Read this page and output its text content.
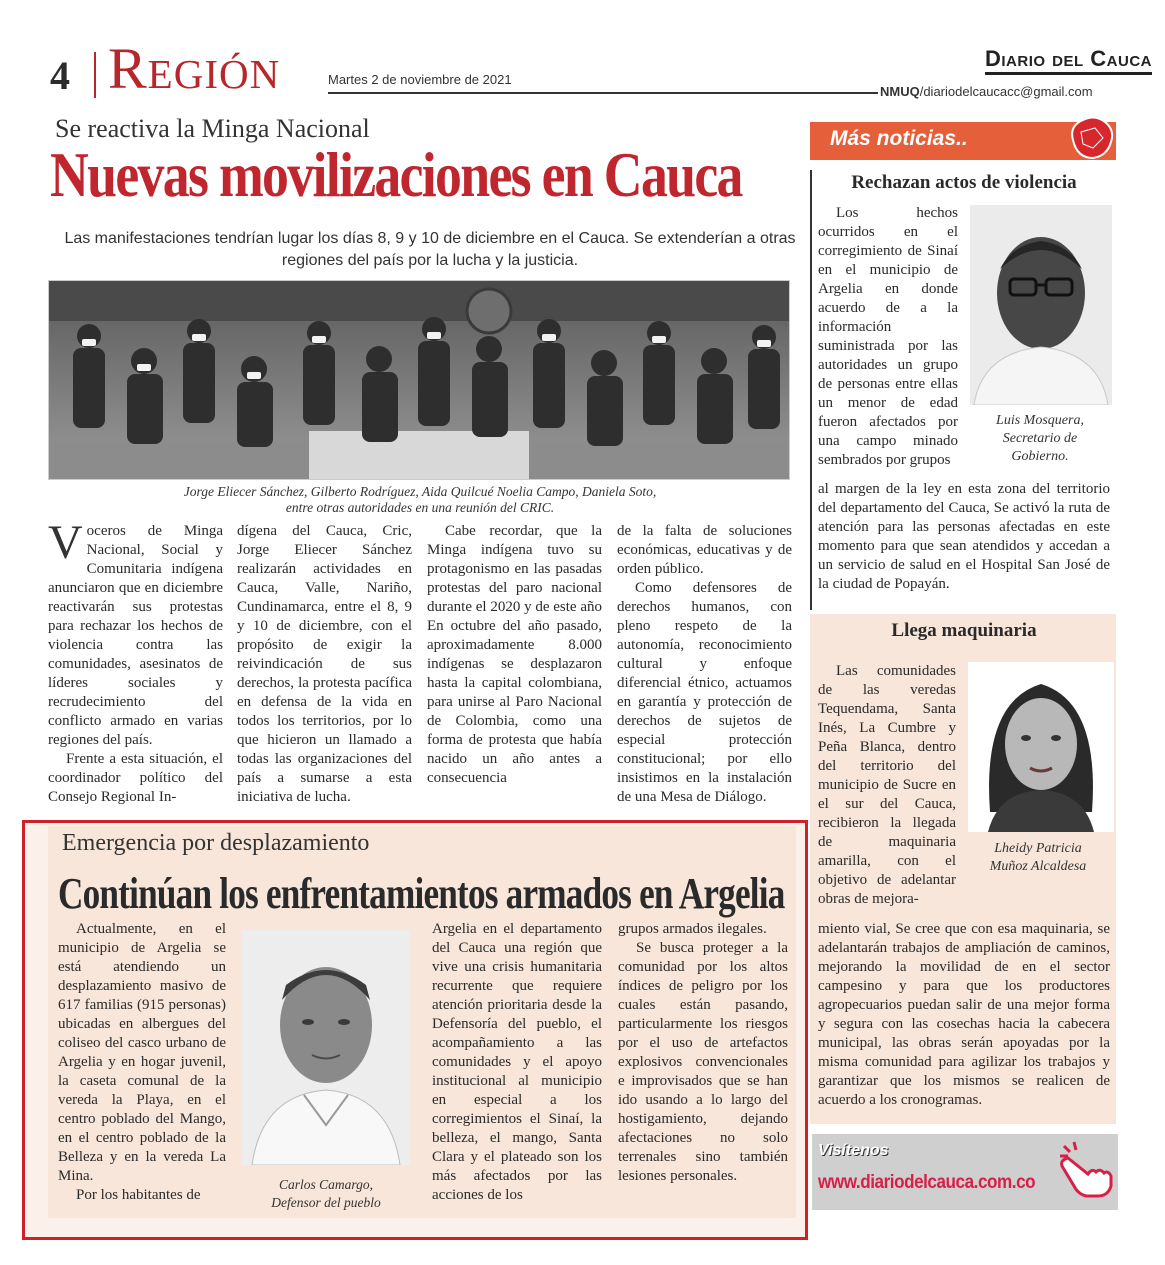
4 Región	Martes 2 de noviembre de 2021
Diario del Cauca
NMUQ/diariodelcaucacc@gmail.com
Se reactiva la Minga Nacional
Nuevas movilizaciones en Cauca
Las manifestaciones tendrían lugar los días 8, 9 y 10 de diciembre en el Cauca. Se extenderían a otras regiones del país por la lucha y la justicia.
Jorge Eliecer Sánchez, Gilberto Rodríguez, Aida Quilcué Noelia Campo, Daniela Soto,
entre otras autoridades en una reunión del CRIC.

Voceros de Minga Nacional, Social y Comunitaria indígena anunciaron que en diciembre reactivarán sus protestas para rechazar los hechos de violencia contra las comunidades, asesinatos de líderes sociales y recrudecimiento del conflicto armado en varias regiones del país.

Frente a esta situación, el coordinador político del Consejo Regional In-

dígena del Cauca, Cric, Jorge Eliecer Sánchez realizarán actividades en Cauca, Valle, Nariño, Cundinamarca, entre el 8, 9 y 10 de diciembre, con el propósito de exigir la reivindicación de sus derechos, la protesta pacífica en defensa de la vida en todos los territorios, por lo que hicieron un llamado a todas las organizaciones del país a sumarse a esta iniciativa de lucha.

Cabe recordar, que la Minga indígena tuvo su protagonismo en las pasadas protestas del paro nacional durante el 2020 y de este año En octubre del año pasado, aproximadamente 8.000 indígenas se desplazaron hasta la capital colombiana, para unirse al Paro Nacional de Colombia, como una forma de protesta que había nacido un año antes a consecuencia

de la falta de soluciones económicas, educativas y de orden público.

Como defensores de derechos humanos, con pleno respeto de la autonomía, reconocimiento cultural y enfoque diferencial étnico, actuamos en garantía y protección de derechos de sujetos de especial protección constitucional; por ello insistimos en la instalación de una Mesa de Diálogo.

Emergencia por desplazamiento
Continúan los enfrentamientos armados en Argelia

Actualmente, en el municipio de Argelia se está atendiendo un desplazamiento masivo de 617 familias (915 personas) ubicadas en albergues del coliseo del casco urbano de Argelia y en hogar juvenil, la caseta comunal de la vereda la Playa, en el centro poblado del Mango, en el centro poblado de la Belleza y en la vereda La Mina.

Por los habitantes de

Carlos Camargo,
Defensor del pueblo

Argelia en el departamento del Cauca una región que vive una crisis humanitaria recurrente que requiere atención prioritaria desde la Defensoría del pueblo, el acompañamiento a las comunidades y el apoyo institucional al municipio en especial a los corregimientos el Sinaí, la belleza, el mango, Santa Clara y el plateado son los más afectados por las acciones de los

grupos armados ilegales.

Se busca proteger a la comunidad por los altos índices de peligro por los cuales están pasando, particularmente los riesgos por el uso de artefactos explosivos convencionales e improvisados que se han ido usando a lo largo del hostigamiento, dejando afectaciones no solo terrenales sino también lesiones personales.

Más noticias..
Rechazan actos de violencia

Los hechos ocurridos en el corregimiento de Sinaí en el municipio de Argelia en donde acuerdo de a la información suministrada por las autoridades un grupo de personas entre ellas un menor de edad fueron afectados por una campo minado sembrados por grupos

Luis Mosquera,
Secretario de
Gobierno.

al margen de la ley en esta zona del territorio del departamento del Cauca, Se activó la ruta de atención para las personas afectadas en este momento para que sean atendidos y accedan a un servicio de salud en el Hospital San José de la ciudad de Popayán.

Llega maquinaria

Las comunidades de las veredas Tequendama, Santa Inés, La Cumbre y Peña Blanca, dentro del territorio del municipio de Sucre en el sur del Cauca, recibieron la llegada de maquinaria amarilla, con el objetivo de adelantar obras de mejora-

Lheidy Patricia
Muñoz Alcaldesa

miento vial, Se cree que con esa maquinaria, se adelantarán trabajos de ampliación de caminos, mejorando la movilidad de en el sector campesino y para que los productores agropecuarios puedan salir de una mejor forma y segura con las cosechas hacia la cabecera municipal, las obras serán apoyadas por la misma comunidad para agilizar los trabajos y garantizar que los mismos se realicen de acuerdo a los cronogramas.

Visítenos
www.diariodelcauca.com.co
